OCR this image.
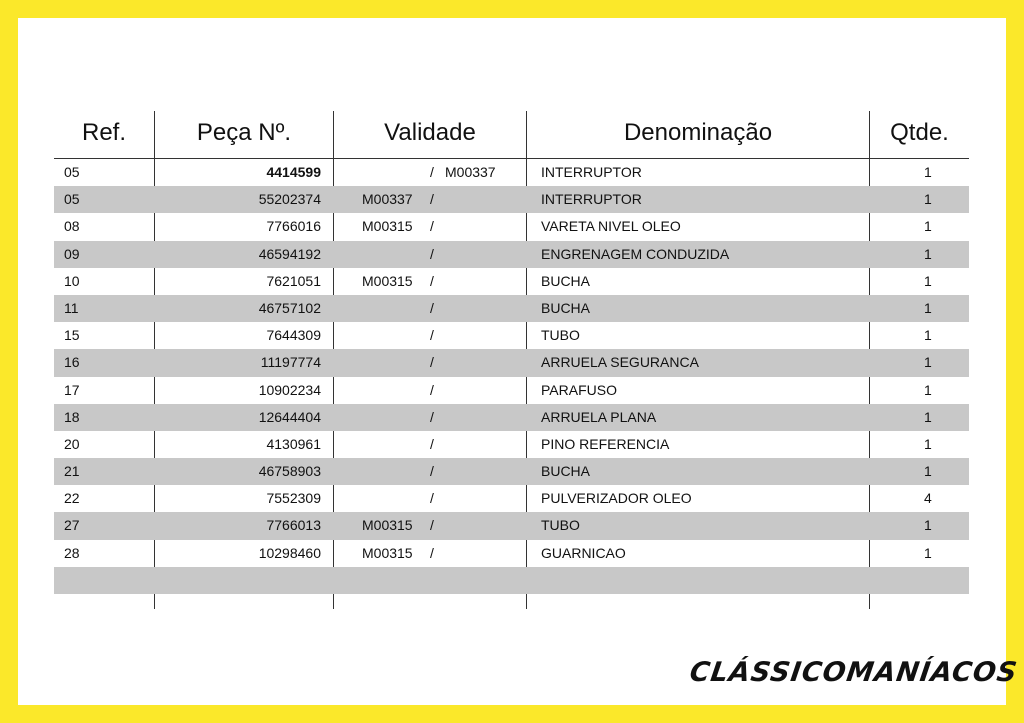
Ref.	Peça Nº.	Validade	Denominação	Qtde.
05	4414599	/ M00337	INTERRUPTOR	1
05	55202374	M00337 /	INTERRUPTOR	1
08	7766016	M00315 /	VARETA NIVEL OLEO	1
09	46594192	/	ENGRENAGEM CONDUZIDA	1
10	7621051	M00315 /	BUCHA	1
11	46757102	/	BUCHA	1
15	7644309	/	TUBO	1
16	11197774	/	ARRUELA SEGURANCA	1
17	10902234	/	PARAFUSO	1
18	12644404	/	ARRUELA PLANA	1
20	4130961	/	PINO REFERENCIA	1
21	46758903	/	BUCHA	1
22	7552309	/	PULVERIZADOR OLEO	4
27	7766013	M00315 /	TUBO	1
28	10298460	M00315 /	GUARNICAO	1
CLÁSSICOMANÍACOS
